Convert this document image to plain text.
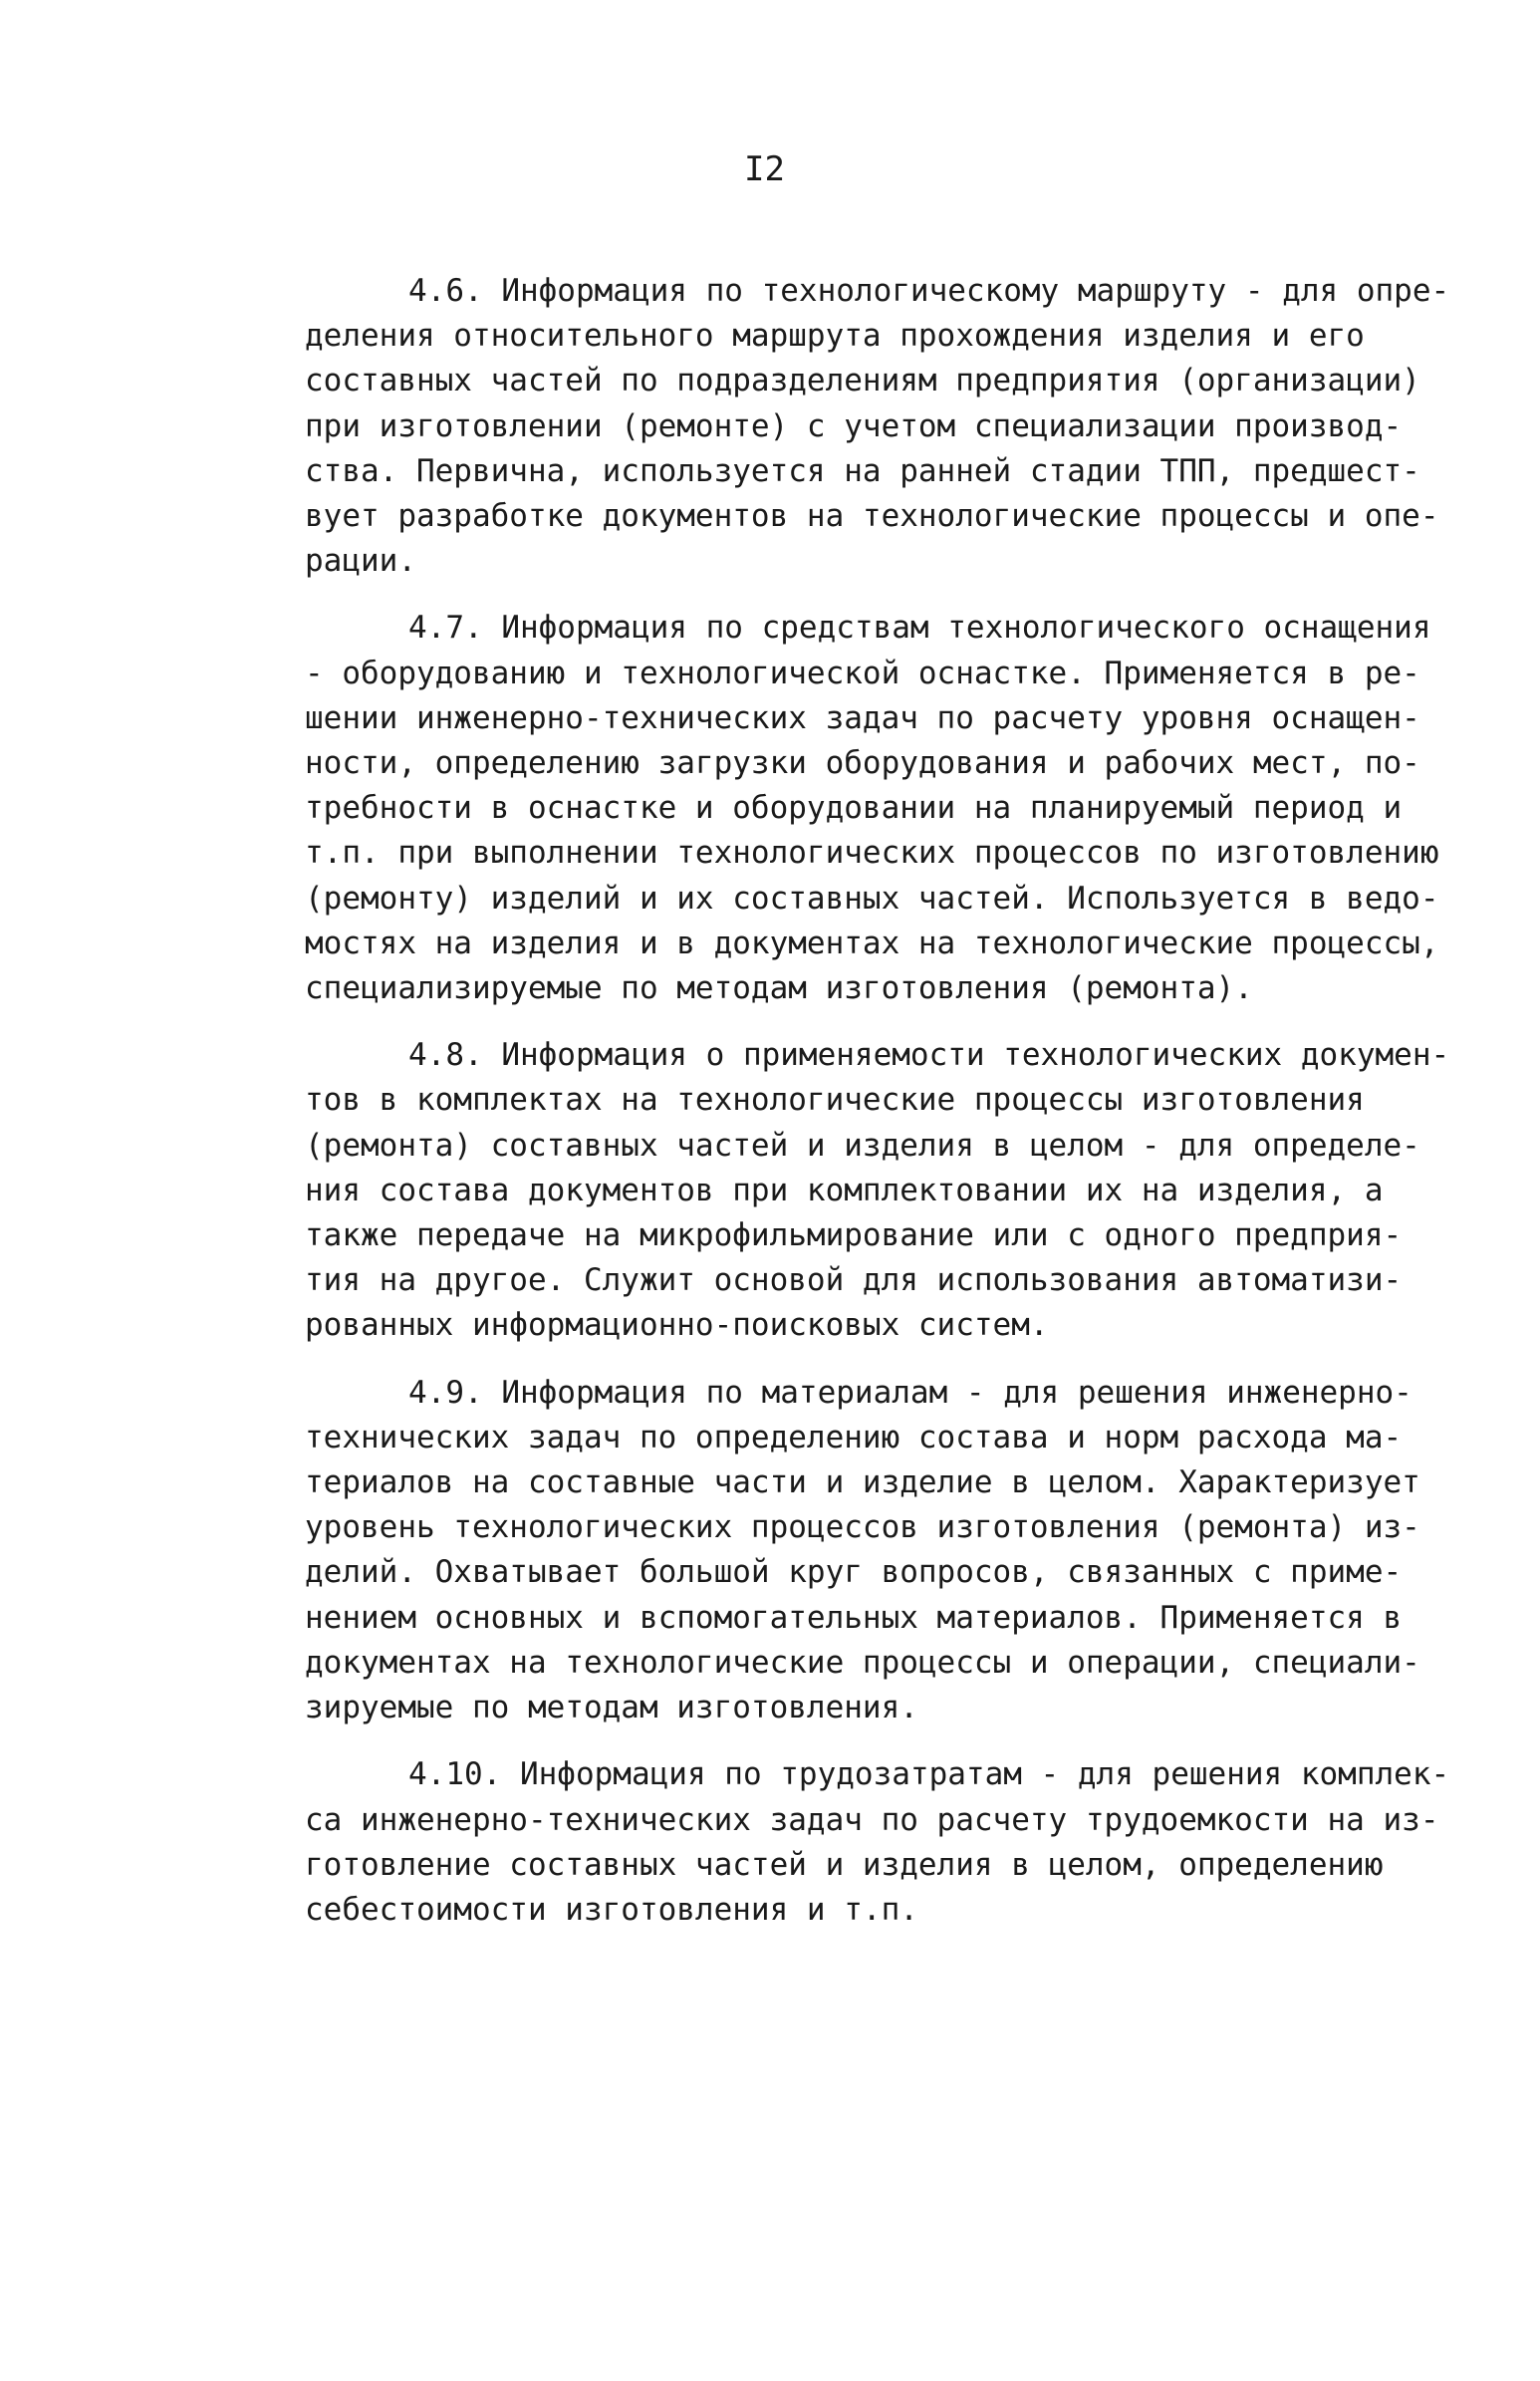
I2
4.6. Информация по технологическому маршруту - для опре-
деления относительного маршрута прохождения изделия и его
составных частей по подразделениям предприятия (организации)
при изготовлении (ремонте) с учетом специализации производ-
ства. Первична, используется на ранней стадии ТПП, предшест-
вует разработке документов на технологические процессы и опе-
рации.
4.7. Информация по средствам технологического оснащения
- оборудованию и технологической оснастке. Применяется в ре-
шении инженерно-технических задач по расчету уровня оснащен-
ности, определению загрузки оборудования и рабочих мест, по-
требности в оснастке и оборудовании на планируемый период и
т.п. при выполнении технологических процессов по изготовлению
(ремонту) изделий и их составных частей. Используется в ведо-
мостях на изделия и в документах на технологические процессы,
специализируемые по методам изготовления (ремонта).
4.8. Информация о применяемости технологических докумен-
тов в комплектах на технологические процессы изготовления
(ремонта) составных частей и изделия в целом - для определе-
ния состава документов при комплектовании их на изделия, а
также передаче на микрофильмирование или с одного предприя-
тия на другое. Служит основой для использования автоматизи-
рованных информационно-поисковых систем.
4.9. Информация по материалам - для решения инженерно-
технических задач по определению состава и норм расхода ма-
териалов на составные части и изделие в целом. Характеризует
уровень технологических процессов изготовления (ремонта) из-
делий. Охватывает большой круг вопросов, связанных с приме-
нением основных и вспомогательных материалов. Применяется в
документах на технологические процессы и операции, специали-
зируемые по методам изготовления.
4.10. Информация по трудозатратам - для решения комплек-
са инженерно-технических задач по расчету трудоемкости на из-
готовление составных частей и изделия в целом, определению
себестоимости изготовления и т.п.
